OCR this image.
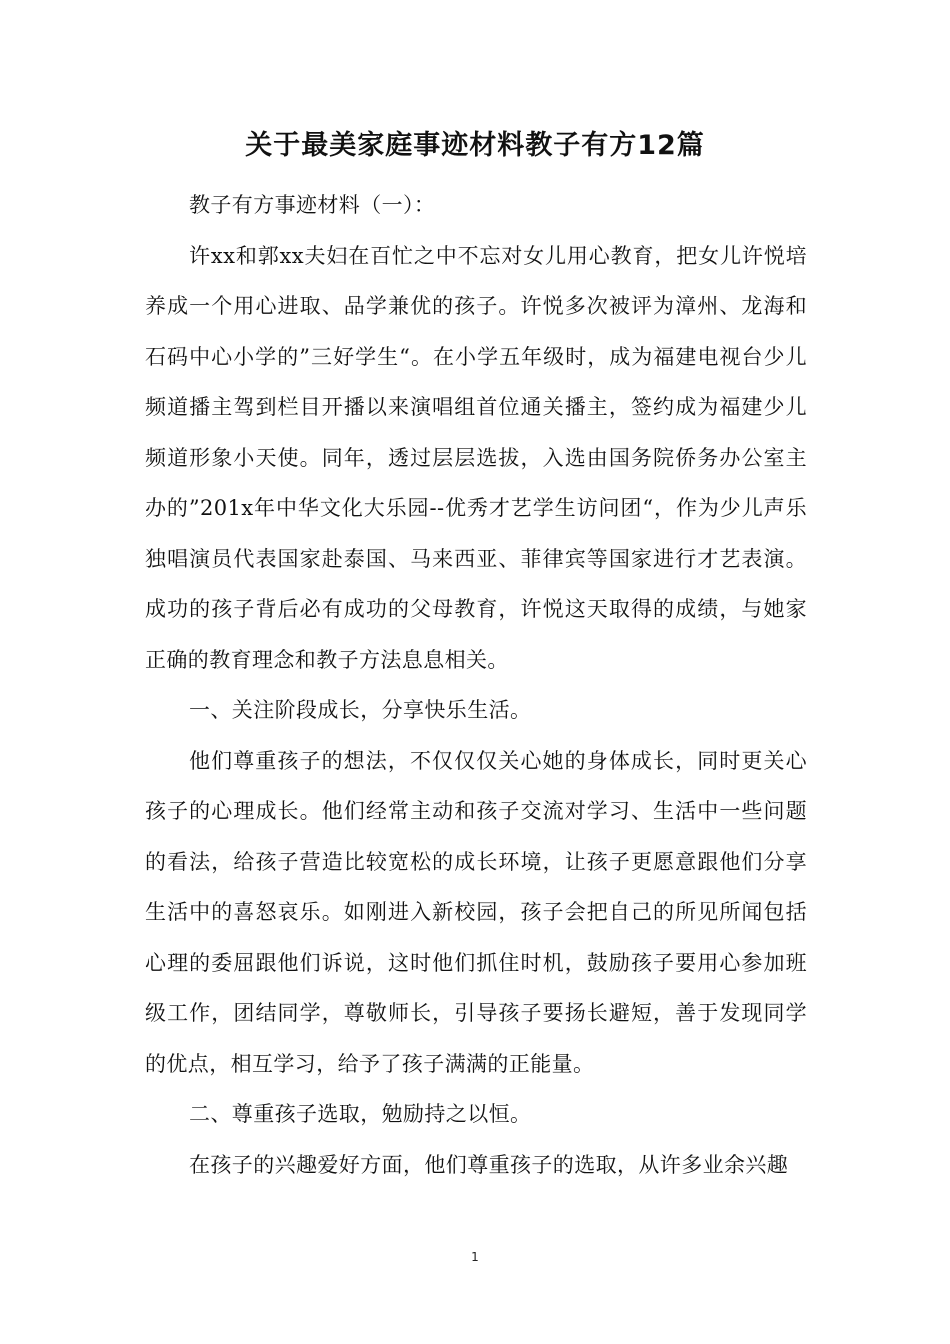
关于最美家庭事迹材料教子有方12篇

教子有方事迹材料（一）：

许xx和郭xx夫妇在百忙之中不忘对女儿用心教育，把女儿许悦培养成一个用心进取、品学兼优的孩子。许悦多次被评为漳州、龙海和石码中心小学的”三好学生“。在小学五年级时，成为福建电视台少儿频道播主驾到栏目开播以来演唱组首位通关播主，签约成为福建少儿频道形象小天使。同年，透过层层选拔，入选由国务院侨务办公室主办的”201x年中华文化大乐园--优秀才艺学生访问团“，作为少儿声乐独唱演员代表国家赴泰国、马来西亚、菲律宾等国家进行才艺表演。成功的孩子背后必有成功的父母教育，许悦这天取得的成绩，与她家正确的教育理念和教子方法息息相关。

一、关注阶段成长，分享快乐生活。

他们尊重孩子的想法，不仅仅仅关心她的身体成长，同时更关心孩子的心理成长。他们经常主动和孩子交流对学习、生活中一些问题的看法，给孩子营造比较宽松的成长环境，让孩子更愿意跟他们分享生活中的喜怒哀乐。如刚进入新校园，孩子会把自己的所见所闻包括心理的委屈跟他们诉说，这时他们抓住时机，鼓励孩子要用心参加班级工作，团结同学，尊敬师长，引导孩子要扬长避短，善于发现同学的优点，相互学习，给予了孩子满满的正能量。

二、尊重孩子选取，勉励持之以恒。

在孩子的兴趣爱好方面，他们尊重孩子的选取，从许多业余兴趣

1
